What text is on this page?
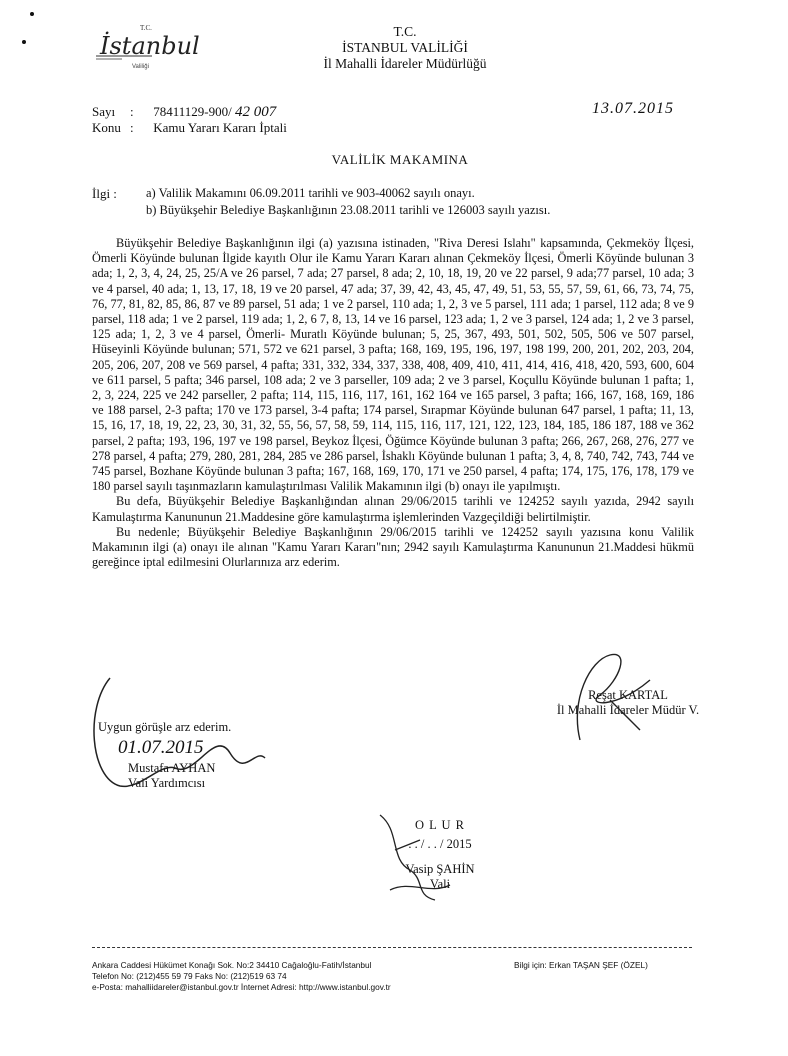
T.C.
İstanbul
Valiliği
T.C.
İSTANBUL VALİLİĞİ
İl Mahalli İdareler Müdürlüğü
Sayı	78411129-900/ 42 007
:
Konu Kamu Yararı Kararı İptali
:
13.07.2015
VALİLİK MAKAMINA
İlgi : a) Valilik Makamını 06.09.2011 tarihli ve 903-40062 sayılı onayı.
b) Büyükşehir Belediye Başkanlığının 23.08.2011 tarihli ve 126003 sayılı yazısı.

Büyükşehir Belediye Başkanlığının ilgi (a) yazısına istinaden, "Riva Deresi Islahı" kapsamında, Çekmeköy İlçesi, Ömerli Köyünde bulunan İlgide kayıtlı Olur ile Kamu Yararı Kararı alınan Çekmeköy İlçesi, Ömerli Köyünde bulunan 3 ada; 1, 2, 3, 4, 24, 25, 25/A ve 26 parsel, 7 ada; 27 parsel, 8 ada; 2, 10, 18, 19, 20 ve 22 parsel, 9 ada;77 parsel, 10 ada; 3 ve 4 parsel, 40 ada; 1, 13, 17, 18, 19 ve 20 parsel, 47 ada; 37, 39, 42, 43, 45, 47, 49, 51, 53, 55, 57, 59, 61, 66, 73, 74, 75, 76, 77, 81, 82, 85, 86, 87 ve 89 parsel, 51 ada; 1 ve 2 parsel, 110 ada; 1, 2, 3 ve 5 parsel, 111 ada; 1 parsel, 112 ada; 8 ve 9 parsel, 118 ada; 1 ve 2 parsel, 119 ada; 1, 2, 6 7, 8, 13, 14 ve 16 parsel, 123 ada; 1, 2 ve 3 parsel, 124 ada; 1, 2 ve 3 parsel, 125 ada; 1, 2, 3 ve 4 parsel, Ömerli- Muratlı Köyünde bulunan; 5, 25, 367, 493, 501, 502, 505, 506 ve 507 parsel, Hüseyinli Köyünde bulunan; 571, 572 ve 621 parsel, 3 pafta; 168, 169, 195, 196, 197, 198 199, 200, 201, 202, 203, 204, 205, 206, 207, 208 ve 569 parsel, 4 pafta; 331, 332, 334, 337, 338, 408, 409, 410, 411, 414, 416, 418, 420, 593, 600, 604 ve 611 parsel, 5 pafta; 346 parsel, 108 ada; 2 ve 3 parseller, 109 ada; 2 ve 3 parsel, Koçullu Köyünde bulunan 1 pafta; 1, 2, 3, 224, 225 ve 242 parseller, 2 pafta; 114, 115, 116, 117, 161, 162 164 ve 165 parsel, 3 pafta; 166, 167, 168, 169, 186 ve 188 parsel, 2-3 pafta; 170 ve 173 parsel, 3-4 pafta; 174 parsel, Sırapmar Köyünde bulunan 647 parsel, 1 pafta; 11, 13, 15, 16, 17, 18, 19, 22, 23, 30, 31, 32, 55, 56, 57, 58, 59, 114, 115, 116, 117, 121, 122, 123, 184, 185, 186 187, 188 ve 362 parsel, 2 pafta; 193, 196, 197 ve 198 parsel, Beykoz İlçesi, Öğümce Köyünde bulunan 3 pafta; 266, 267, 268, 276, 277 ve 278 parsel, 4 pafta; 279, 280, 281, 284, 285 ve 286 parsel, İshaklı Köyünde bulunan 1 pafta; 3, 4, 8, 740, 742, 743, 744 ve 745 parsel, Bozhane Köyünde bulunan 3 pafta; 167, 168, 169, 170, 171 ve 250 parsel, 4 pafta; 174, 175, 176, 178, 179 ve 180 parsel sayılı taşınmazların kamulaştırılması Valilik Makamının ilgi (b) onayı ile yapılmıştı.

Bu defa, Büyükşehir Belediye Başkanlığından alınan 29/06/2015 tarihli ve 124252 sayılı yazıda, 2942 sayılı Kamulaştırma Kanununun 21.Maddesine göre kamulaştırma işlemlerinden Vazgeçildiği belirtilmiştir.

Bu nedenle; Büyükşehir Belediye Başkanlığının 29/06/2015 tarihli ve 124252 sayılı yazısına konu Valilik Makamının ilgi (a) onayı ile alınan "Kamu Yararı Kararı"nın; 2942 sayılı Kamulaştırma Kanununun 21.Maddesi hükmü gereğince iptal edilmesini Olurlarınıza arz ederim.

Reşat KARTAL
İl Mahalli İdareler Müdür V.
Uygun görüşle arz ederim.
01.07.2015
Mustafa AYHAN
Vali Yardımcısı
O L U R
. . / . . / 2015
Vasip ŞAHİN
Vali
Ankara Caddesi Hükümet Konağı Sok. No:2 34410 Cağaloğlu-Fatih/İstanbul
Telefon No: (212)455 59 79 Faks No: (212)519 63 74
e-Posta: mahalliidareler@istanbul.gov.tr İnternet Adresi: http://www.istanbul.gov.tr
Bilgi için: Erkan TAŞAN ŞEF (ÖZEL)
